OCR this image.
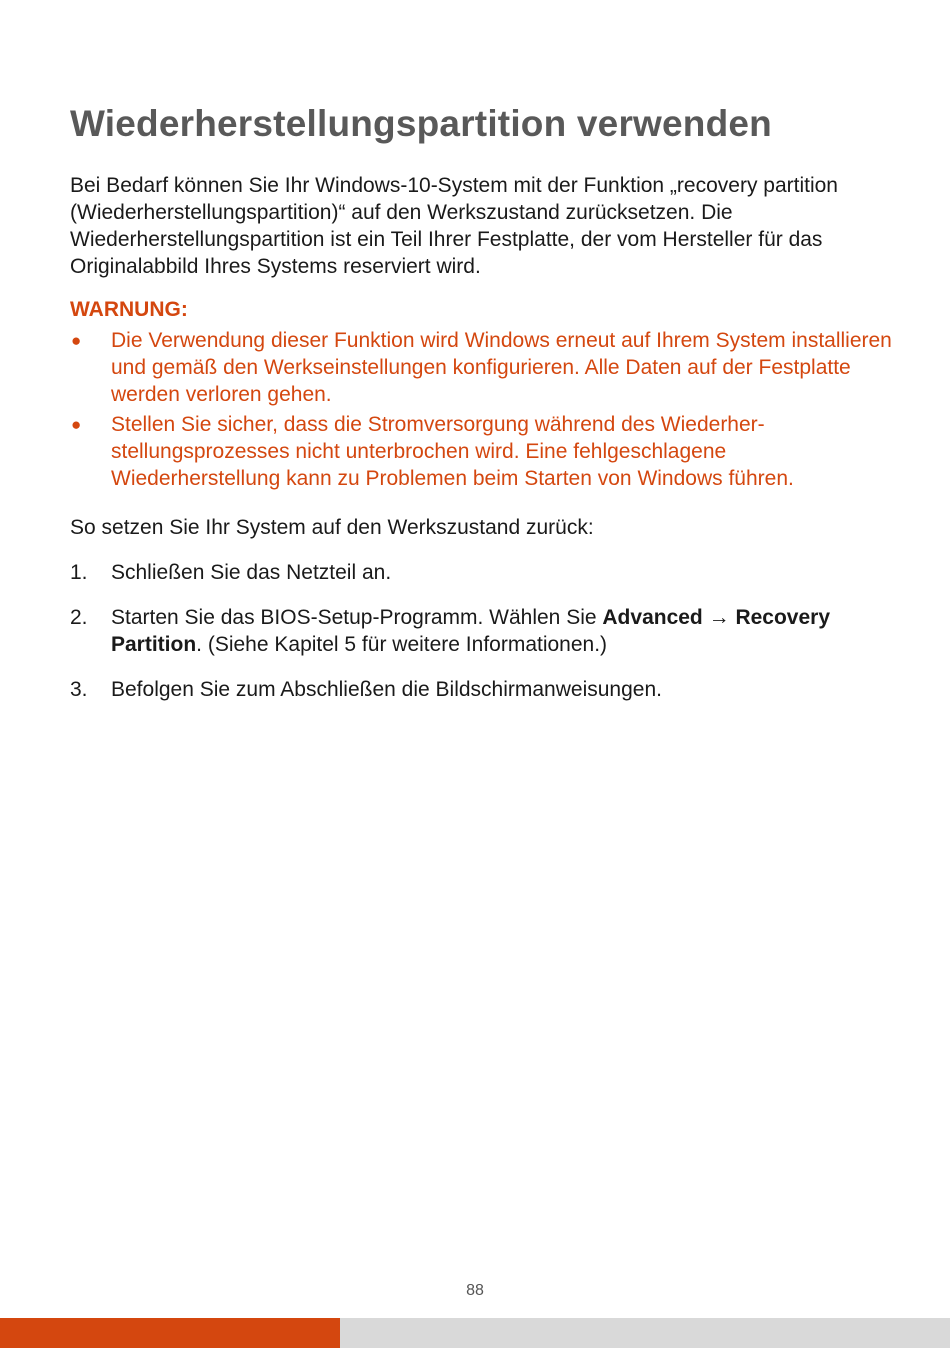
Wiederherstellungspartition verwenden

Bei Bedarf können Sie Ihr Windows-10-System mit der Funktion „recovery partition (Wiederherstellungspartition)“ auf den Werkszustand zurücksetzen. Die Wiederherstellungspartition ist ein Teil Ihrer Festplatte, der vom Hersteller für das Originalabbild Ihres Systems reserviert wird.

WARNUNG:
● Die Verwendung dieser Funktion wird Windows erneut auf Ihrem System installieren und gemäß den Werkseinstellungen konfigurieren. Alle Daten auf der Festplatte werden verloren gehen.
● Stellen Sie sicher, dass die Stromversorgung während des Wiederher-stellungsprozesses nicht unterbrochen wird. Eine fehlgeschlagene Wiederherstellung kann zu Problemen beim Starten von Windows führen.

So setzen Sie Ihr System auf den Werkszustand zurück:

1.	Schließen Sie das Netzteil an.
2.	Starten Sie das BIOS-Setup-Programm. Wählen Sie Advanced → Recovery Partition. (Siehe Kapitel 5 für weitere Informationen.)
3.	Befolgen Sie zum Abschließen die Bildschirmanweisungen.
88
